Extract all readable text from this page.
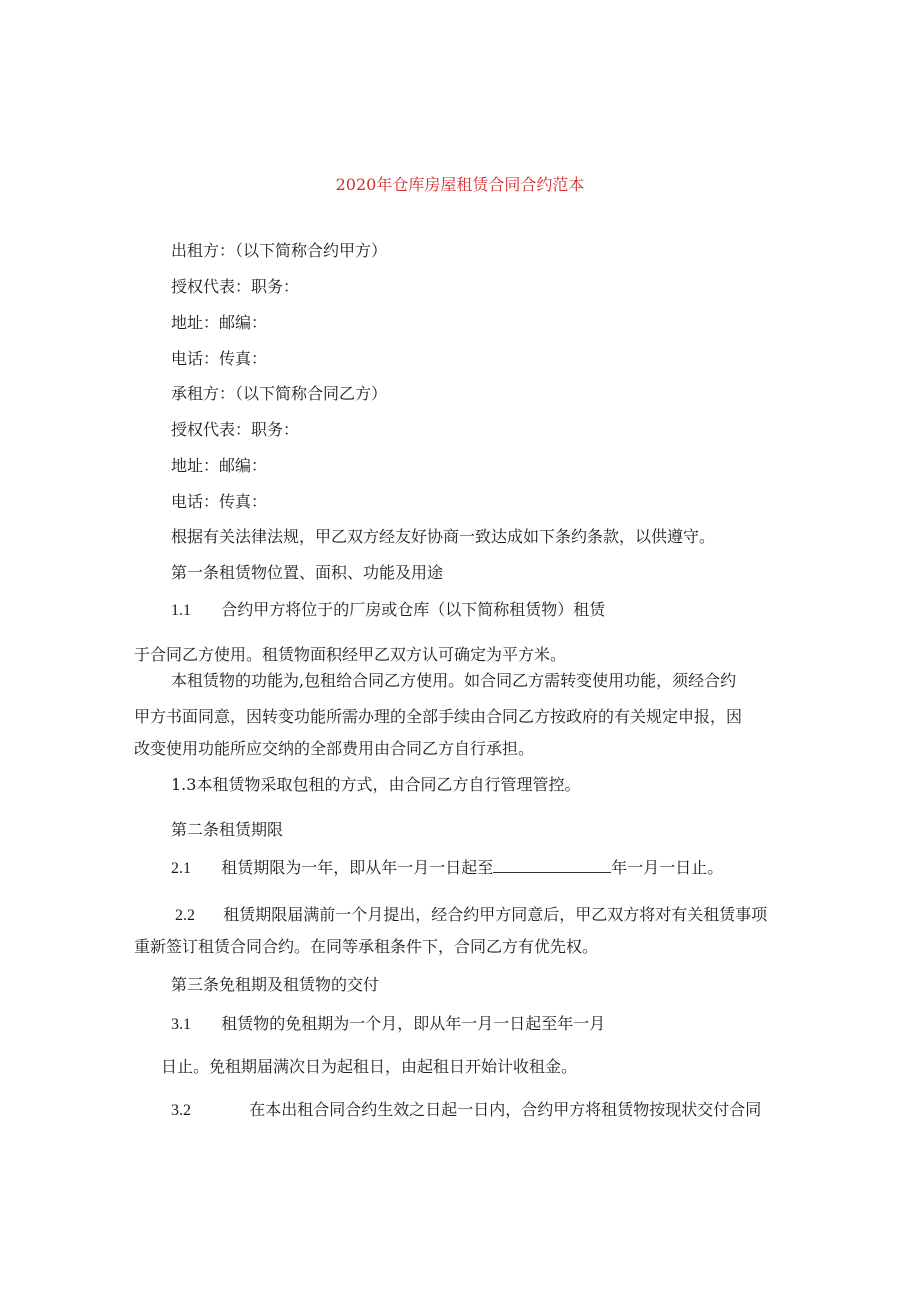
2020年仓库房屋租赁合同合约范本
出租方：（以下简称合约甲方）
授权代表：职务：
地址：邮编：
电话：传真：
承租方：（以下简称合同乙方）
授权代表：职务：
地址：邮编：
电话：传真：
根据有关法律法规，甲乙双方经友好协商一致达成如下条约条款，以供遵守。
第一条租赁物位置、面积、功能及用途
1.1 合约甲方将位于的厂房或仓库（以下简称租赁物）租赁
于合同乙方使用。租赁物面积经甲乙双方认可确定为平方米。
本租赁物的功能为,包租给合同乙方使用。如合同乙方需转变使用功能，须经合约
甲方书面同意，因转变功能所需办理的全部手续由合同乙方按政府的有关规定申报，因
改变使用功能所应交纳的全部费用由合同乙方自行承担。
1.3本租赁物采取包租的方式，由合同乙方自行管理管控。
第二条租赁期限
2.1 租赁期限为一年，即从年一月一日起至	年一月一日止。
2.2 租赁期限届满前一个月提出，经合约甲方同意后，甲乙双方将对有关租赁事项
重新签订租赁合同合约。在同等承租条件下，合同乙方有优先权。
第三条免租期及租赁物的交付
3.1 租赁物的免租期为一个月，即从年一月一日起至年一月
日止。免租期届满次日为起租日，由起租日开始计收租金。
3.2	在本出租合同合约生效之日起一日内，合约甲方将租赁物按现状交付合同
